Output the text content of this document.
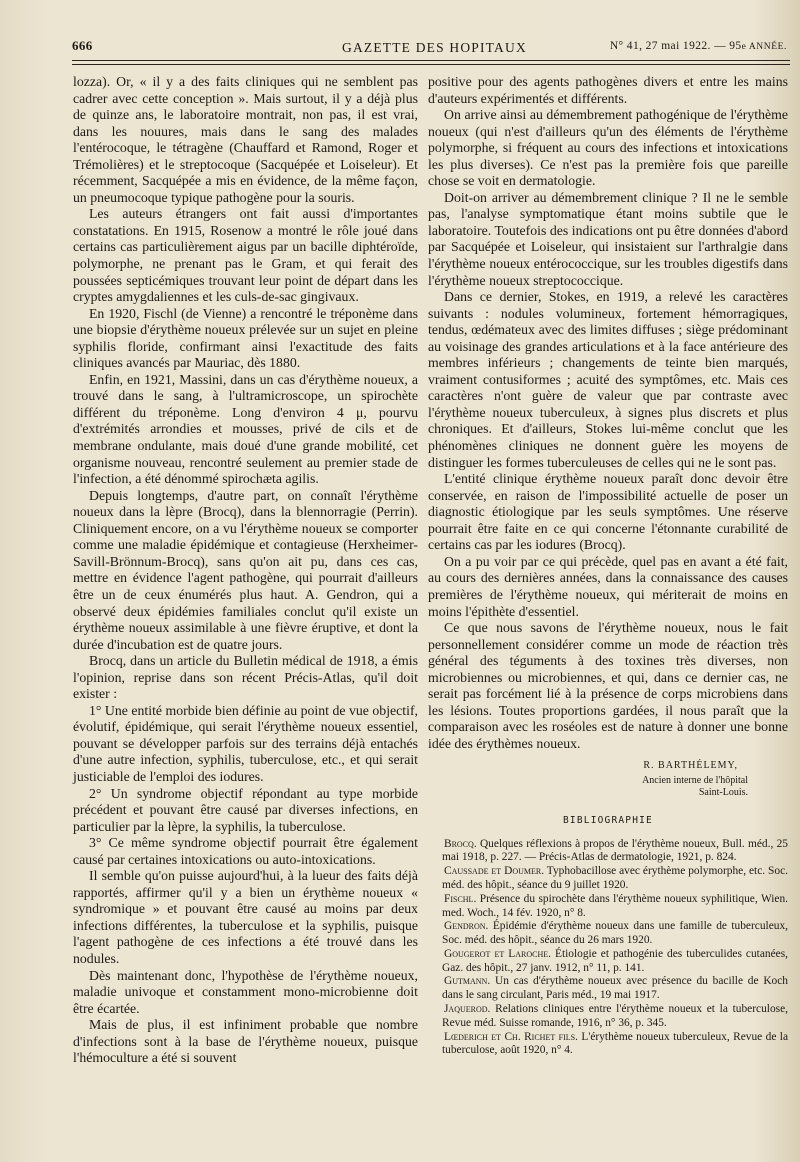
666	GAZETTE DES HOPITAUX	N° 41, 27 mai 1922. — 95e ANNÉE.

lozza). Or, « il y a des faits cliniques qui ne semblent pas cadrer avec cette conception ». Mais surtout, il y a déjà plus de quinze ans, le laboratoire montrait, non pas, il est vrai, dans les nouures, mais dans le sang des malades l'entérocoque, le tétragène (Chauffard et Ramond, Roger et Trémolières) et le streptocoque (Sacquépée et Loiseleur). Et récemment, Sacquépée a mis en évidence, de la même façon, un pneumocoque typique pathogène pour la souris.

Les auteurs étrangers ont fait aussi d'importantes constatations. En 1915, Rosenow a montré le rôle joué dans certains cas particulièrement aigus par un bacille diphtéroïde, polymorphe, ne prenant pas le Gram, et qui ferait des poussées septicémiques trouvant leur point de départ dans les cryptes amygdaliennes et les culs-de-sac gingivaux.

En 1920, Fischl (de Vienne) a rencontré le tréponème dans une biopsie d'érythème noueux prélevée sur un sujet en pleine syphilis floride, confirmant ainsi l'exactitude des faits cliniques avancés par Mauriac, dès 1880.

Enfin, en 1921, Massini, dans un cas d'érythème noueux, a trouvé dans le sang, à l'ultramicroscope, un spirochète différent du tréponème. Long d'environ 4 μ, pourvu d'extrémités arrondies et mousses, privé de cils et de membrane ondulante, mais doué d'une grande mobilité, cet organisme nouveau, rencontré seulement au premier stade de l'infection, a été dénommé spirochæta agilis.

Depuis longtemps, d'autre part, on connaît l'érythème noueux dans la lèpre (Brocq), dans la blennorragie (Perrin). Cliniquement encore, on a vu l'érythème noueux se comporter comme une maladie épidémique et contagieuse (Herxheimer-Savill-Brönnum-Brocq), sans qu'on ait pu, dans ces cas, mettre en évidence l'agent pathogène, qui pourrait d'ailleurs être un de ceux énumérés plus haut. A. Gendron, qui a observé deux épidémies familiales conclut qu'il existe un érythème noueux assimilable à une fièvre éruptive, et dont la durée d'incubation est de quatre jours.

Brocq, dans un article du Bulletin médical de 1918, a émis l'opinion, reprise dans son récent Précis-Atlas, qu'il doit exister :

1° Une entité morbide bien définie au point de vue objectif, évolutif, épidémique, qui serait l'érythème noueux essentiel, pouvant se développer parfois sur des terrains déjà entachés d'une autre infection, syphilis, tuberculose, etc., et qui serait justiciable de l'emploi des iodures.

2° Un syndrome objectif répondant au type morbide précédent et pouvant être causé par diverses infections, en particulier par la lèpre, la syphilis, la tuberculose.

3° Ce même syndrome objectif pourrait être également causé par certaines intoxications ou auto-intoxications.

Il semble qu'on puisse aujourd'hui, à la lueur des faits déjà rapportés, affirmer qu'il y a bien un érythème noueux « syndromique » et pouvant être causé au moins par deux infections différentes, la tuberculose et la syphilis, puisque l'agent pathogène de ces infections a été trouvé dans les nodules.

Dès maintenant donc, l'hypothèse de l'érythème noueux, maladie univoque et constamment mono-microbienne doit être écartée.

Mais de plus, il est infiniment probable que nombre d'infections sont à la base de l'érythème noueux, puisque l'hémoculture a été si souvent

positive pour des agents pathogènes divers et entre les mains d'auteurs expérimentés et différents.

On arrive ainsi au démembrement pathogénique de l'érythème noueux (qui n'est d'ailleurs qu'un des éléments de l'érythème polymorphe, si fréquent au cours des infections et intoxications les plus diverses). Ce n'est pas la première fois que pareille chose se voit en dermatologie.

Doit-on arriver au démembrement clinique ? Il ne le semble pas, l'analyse symptomatique étant moins subtile que le laboratoire. Toutefois des indications ont pu être données d'abord par Sacquépée et Loiseleur, qui insistaient sur l'arthralgie dans l'érythème noueux entérococcique, sur les troubles digestifs dans l'érythème noueux streptococcique.

Dans ce dernier, Stokes, en 1919, a relevé les caractères suivants : nodules volumineux, fortement hémorragiques, tendus, œdémateux avec des limites diffuses ; siège prédominant au voisinage des grandes articulations et à la face antérieure des membres inférieurs ; changements de teinte bien marqués, vraiment contusiformes ; acuité des symptômes, etc. Mais ces caractères n'ont guère de valeur que par contraste avec l'érythème noueux tuberculeux, à signes plus discrets et plus chroniques. Et d'ailleurs, Stokes lui-même conclut que les phénomènes cliniques ne donnent guère les moyens de distinguer les formes tuberculeuses de celles qui ne le sont pas.

L'entité clinique érythème noueux paraît donc devoir être conservée, en raison de l'impossibilité actuelle de poser un diagnostic étiologique par les seuls symptômes. Une réserve pourrait être faite en ce qui concerne l'étonnante curabilité de certains cas par les iodures (Brocq).

On a pu voir par ce qui précède, quel pas en avant a été fait, au cours des dernières années, dans la connaissance des causes premières de l'érythème noueux, qui mériterait de moins en moins l'épithète d'essentiel.

Ce que nous savons de l'érythème noueux, nous le fait personnellement considérer comme un mode de réaction très général des téguments à des toxines très diverses, non microbiennes ou microbiennes, et qui, dans ce dernier cas, ne serait pas forcément lié à la présence de corps microbiens dans les lésions. Toutes proportions gardées, il nous paraît que la comparaison avec les roséoles est de nature à donner une bonne idée des érythèmes noueux.

R. BARTHÉLEMY,
Ancien interne de l'hôpital
Saint-Louis.
BIBLIOGRAPHIE

Brocq. Quelques réflexions à propos de l'érythème noueux, Bull. méd., 25 mai 1918, p. 227. — Précis-Atlas de dermatologie, 1921, p. 824.

Caussade et Doumer. Typhobacillose avec érythème polymorphe, etc. Soc. méd. des hôpit., séance du 9 juillet 1920.

Fischl. Présence du spirochète dans l'érythème noueux syphilitique, Wien. med. Woch., 14 fév. 1920, n° 8.

Gendron. Épidémie d'érythème noueux dans une famille de tuberculeux, Soc. méd. des hôpit., séance du 26 mars 1920.

Gougerot et Laroche. Étiologie et pathogénie des tuberculides cutanées, Gaz. des hôpit., 27 janv. 1912, n° 11, p. 141.

Gutmann. Un cas d'érythème noueux avec présence du bacille de Koch dans le sang circulant, Paris méd., 19 mai 1917.

Jaquerod. Relations cliniques entre l'érythème noueux et la tuberculose, Revue méd. Suisse romande, 1916, n° 36, p. 345.

Lœderich et Ch. Richet fils. L'érythème noueux tuberculeux, Revue de la tuberculose, août 1920, n° 4.
